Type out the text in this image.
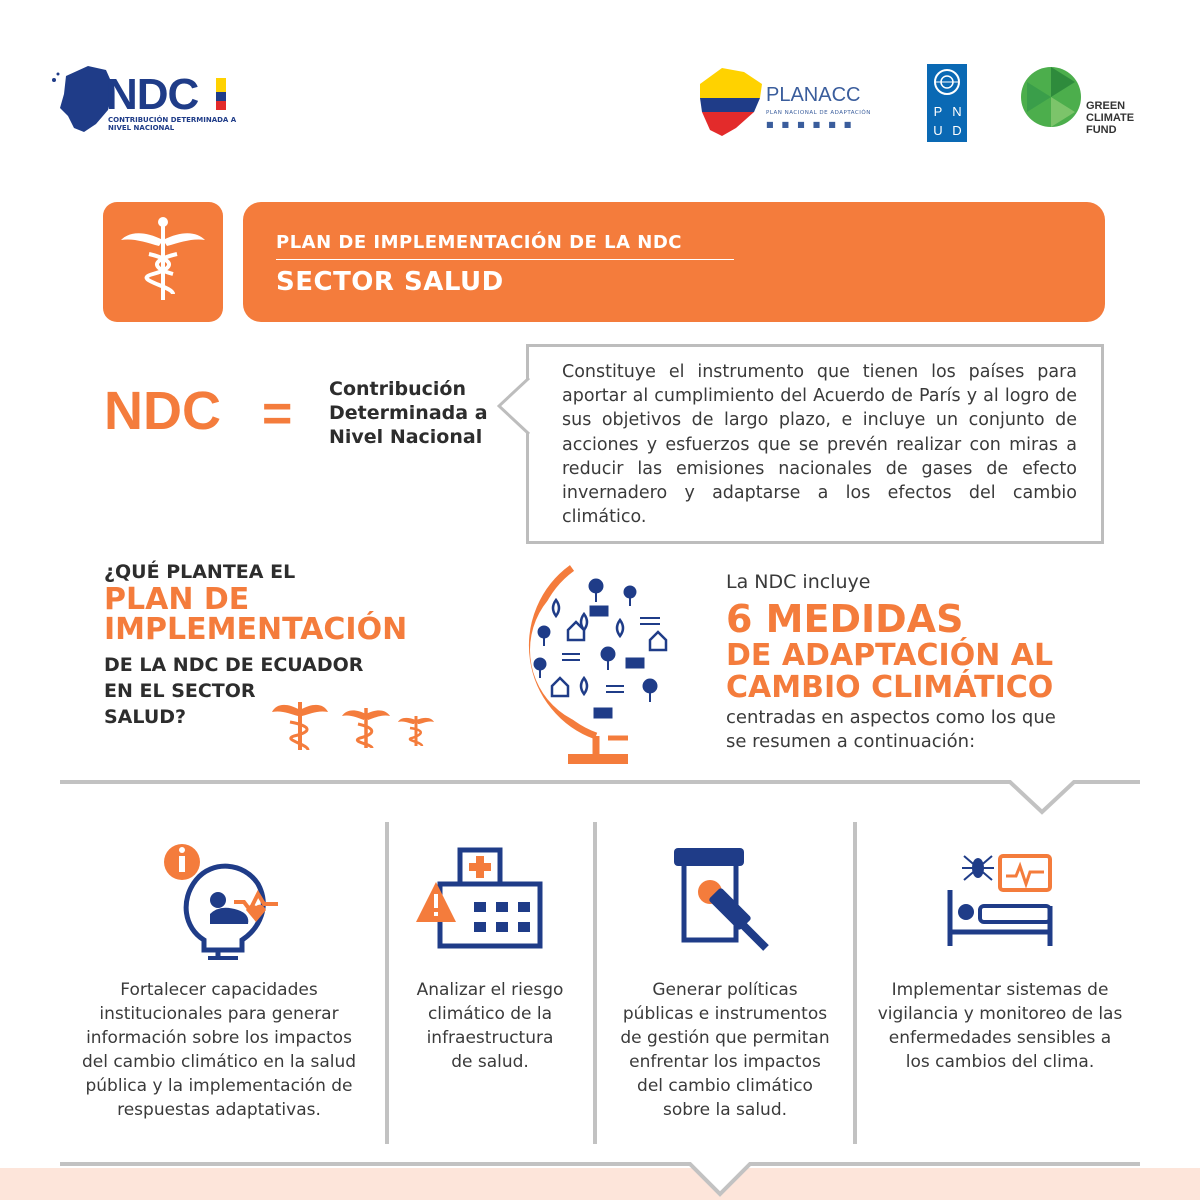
NDC
CONTRIBUCIÓN DETERMINADA A NIVEL NACIONAL
PLANACC
PLAN NACIONAL DE ADAPTACIÓN
■■■■■■
P N
U D
GREEN
CLIMATE
FUND
PLAN DE IMPLEMENTACIÓN DE LA NDC
SECTOR SALUD
NDC = Contribución
Determinada a
Nivel Nacional
Constituye el instrumento que tienen los países para aportar al cumplimiento del Acuerdo de París y al logro de sus objetivos de largo plazo, e incluye un conjunto de acciones y esfuerzos que se prevén realizar con miras a reducir las emisiones nacionales de gases de efecto invernadero y adaptarse a los efectos del cambio climático.
¿QUÉ PLANTEA EL
PLAN DE
IMPLEMENTACIÓN
DE LA NDC DE ECUADOR
EN EL SECTOR
SALUD?
La NDC incluye
6 MEDIDAS
DE ADAPTACIÓN AL
CAMBIO CLIMÁTICO
centradas en aspectos como los que
se resumen a continuación:
Fortalecer capacidades
institucionales para generar
información sobre los impactos
del cambio climático en la salud
pública y la implementación de
respuestas adaptativas.
Analizar el riesgo
climático de la
infraestructura
de salud.
Generar políticas
públicas e instrumentos
de gestión que permitan
enfrentar los impactos
del cambio climático
sobre la salud.
Implementar sistemas de
vigilancia y monitoreo de las
enfermedades sensibles a
los cambios del clima.
